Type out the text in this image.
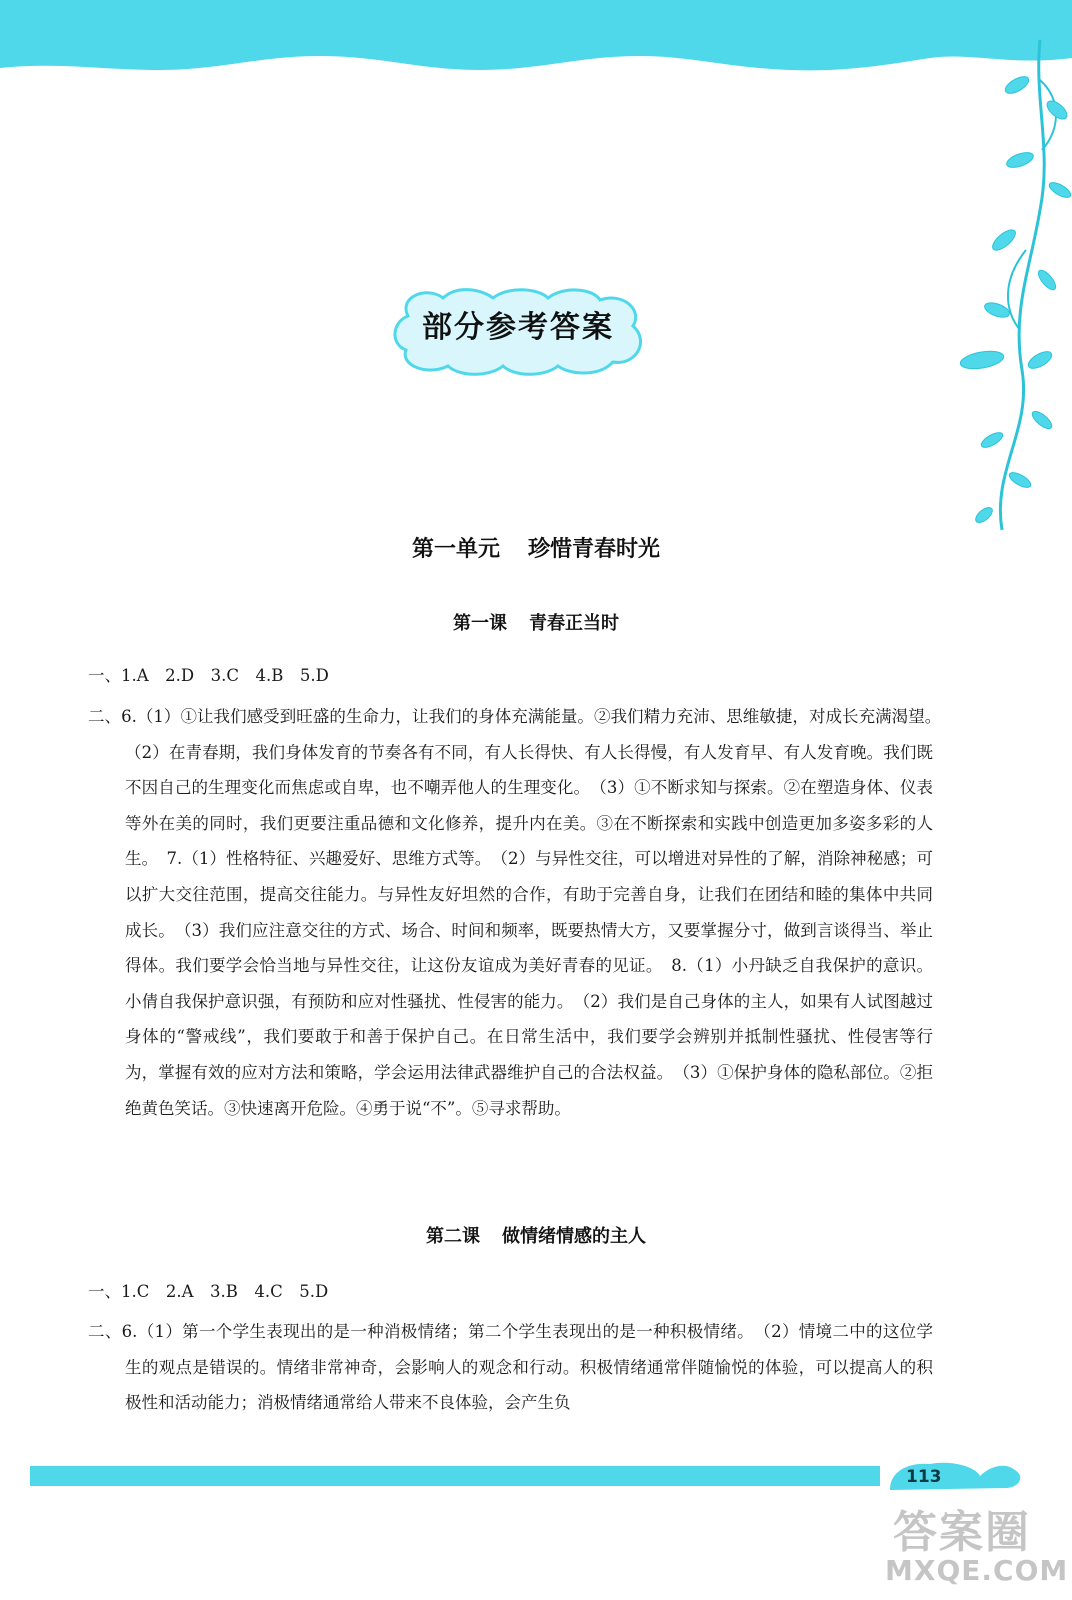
部分参考答案
第一单元 珍惜青春时光
第一课 青春正当时
一、1.A　2.D　3.C　4.B　5.D

二、6.（1）①让我们感受到旺盛的生命力，让我们的身体充满能量。②我们精力充沛、思维敏捷，对成长充满渴望。　（2）在青春期，我们身体发育的节奏各有不同，有人长得快、有人长得慢，有人发育早、有人发育晚。我们既不因自己的生理变化而焦虑或自卑，也不嘲弄他人的生理变化。　（3）①不断求知与探索。②在塑造身体、仪表等外在美的同时，我们更要注重品德和文化修养，提升内在美。③在不断探索和实践中创造更加多姿多彩的人生。　7.（1）性格特征、兴趣爱好、思维方式等。　（2）与异性交往，可以增进对异性的了解，消除神秘感；可以扩大交往范围，提高交往能力。与异性友好坦然的合作，有助于完善自身，让我们在团结和睦的集体中共同成长。　（3）我们应注意交往的方式、场合、时间和频率，既要热情大方，又要掌握分寸，做到言谈得当、举止得体。我们要学会恰当地与异性交往，让这份友谊成为美好青春的见证。　8.（1）小丹缺乏自我保护的意识。小倩自我保护意识强，有预防和应对性骚扰、性侵害的能力。　（2）我们是自己身体的主人，如果有人试图越过身体的“警戒线”，我们要敢于和善于保护自己。在日常生活中，我们要学会辨别并抵制性骚扰、性侵害等行为，掌握有效的应对方法和策略，学会运用法律武器维护自己的合法权益。　（3）①保护身体的隐私部位。②拒绝黄色笑话。③快速离开危险。④勇于说“不”。⑤寻求帮助。

第二课 做情绪情感的主人
一、1.C　2.A　3.B　4.C　5.D

二、6.（1）第一个学生表现出的是一种消极情绪；第二个学生表现出的是一种积极情绪。　（2）情境二中的这位学生的观点是错误的。情绪非常神奇，会影响人的观念和行动。积极情绪通常伴随愉悦的体验，可以提高人的积极性和活动能力；消极情绪通常给人带来不良体验，会产生负

113
答案圈
MXQE.COM
